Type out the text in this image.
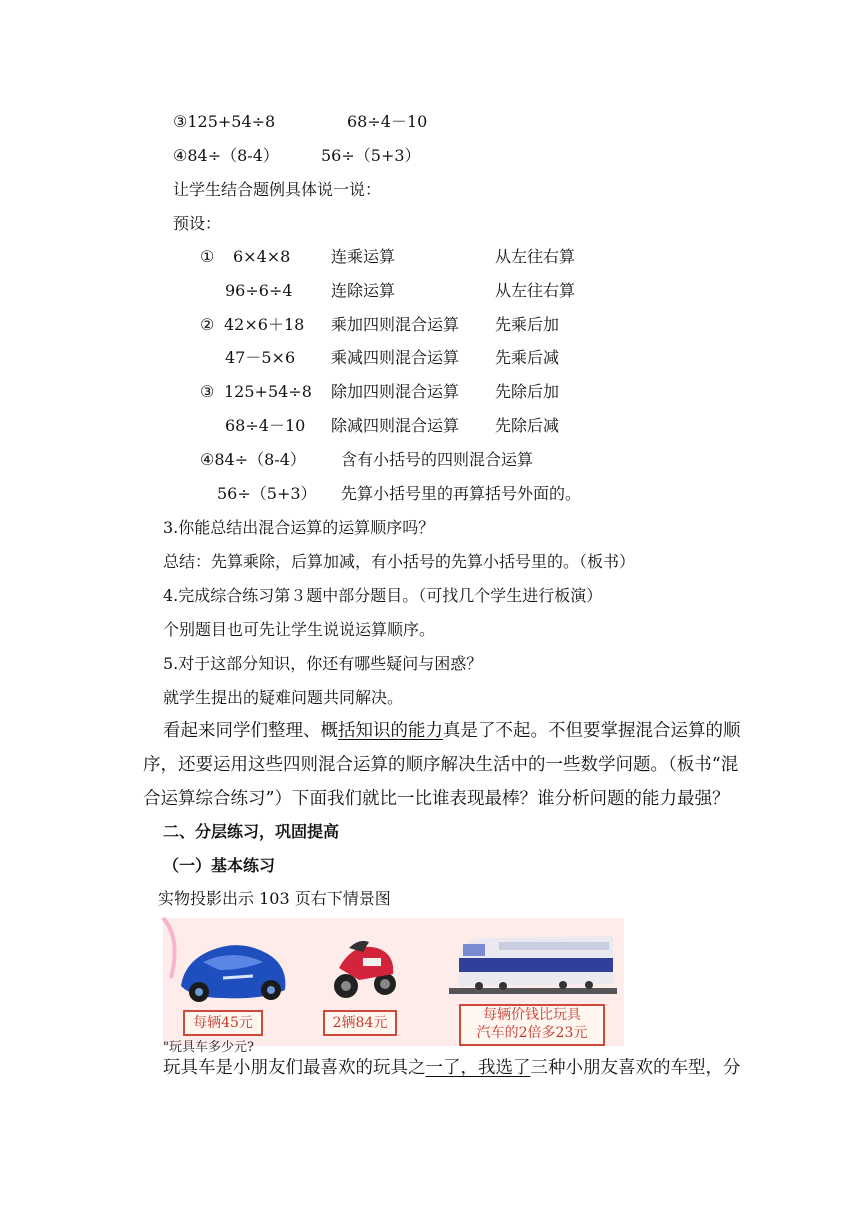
③125+54÷8	68÷4－10
④84÷（8-4）	56÷（5+3）
让学生结合题例具体说一说：
预设：
① 6×4×8	连乘运算	从左往右算
96÷6÷4 连除运算	从左往右算
② 42×6＋18 乘加四则混合运算 先乘后加
47－5×6 乘减四则混合运算 先乘后减
③ 125+54÷8 除加四则混合运算 先除后加
68÷4－10 除减四则混合运算 先除后减
④84÷（8-4） 含有小括号的四则混合运算
56÷（5+3） 先算小括号里的再算括号外面的。
3.你能总结出混合运算的运算顺序吗？
总结：先算乘除，后算加减，有小括号的先算小括号里的。（板书）
4.完成综合练习第３题中部分题目。（可找几个学生进行板演）
个别题目也可先让学生说说运算顺序。
5.对于这部分知识，你还有哪些疑问与困惑？
就学生提出的疑难问题共同解决。
看起来同学们整理、概括知识的能力真是了不起。不但要掌握混合运算的顺
序，还要运用这些四则混合运算的顺序解决生活中的一些数学问题。（板书“混
合运算综合练习”）下面我们就比一比谁表现最棒？谁分析问题的能力最强？
二、分层练习，巩固提高
（一）基本练习
实物投影出示 103 页右下情景图
每辆45元	2辆84元	每辆价钱比玩具
汽车的2倍多23元
"玩具车多少元?
玩具车是小朋友们最喜欢的玩具之一了，我选了三种小朋友喜欢的车型，分
